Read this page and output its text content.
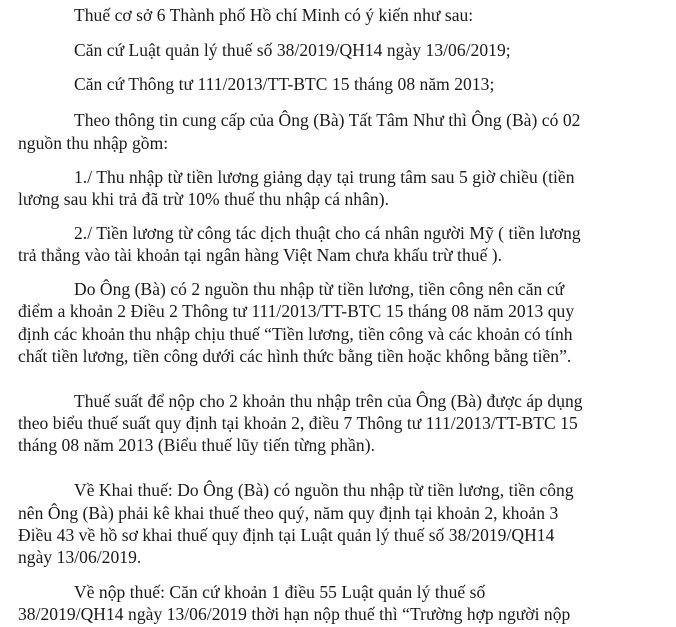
Thuế cơ sở 6 Thành phố Hồ chí Minh có ý kiến như sau:
Căn cứ Luật quản lý thuế số 38/2019/QH14 ngày 13/06/2019;
Căn cứ Thông tư 111/2013/TT-BTC 15 tháng 08 năm 2013;
Theo thông tin cung cấp của Ông (Bà) Tất Tâm Như thì Ông (Bà) có 02
nguồn thu nhập gồm:
1./ Thu nhập từ tiền lương giảng dạy tại trung tâm sau 5 giờ chiều (tiền
lương sau khi trả đã trừ 10% thuế thu nhập cá nhân).
2./ Tiền lương từ công tác dịch thuật cho cá nhân người Mỹ ( tiền lương
trả thẳng vào tài khoản tại ngân hàng Việt Nam chưa khấu trừ thuế ).
Do Ông (Bà) có 2 nguồn thu nhập từ tiền lương, tiền công nên căn cứ
điểm a khoản 2 Điều 2 Thông tư 111/2013/TT-BTC 15 tháng 08 năm 2013 quy
định các khoản thu nhập chịu thuế “Tiền lương, tiền công và các khoản có tính
chất tiền lương, tiền công dưới các hình thức bằng tiền hoặc không bằng tiền”.
Thuế suất để nộp cho 2 khoản thu nhập trên của Ông (Bà) được áp dụng
theo biểu thuế suất quy định tại khoản 2, điều 7 Thông tư 111/2013/TT-BTC 15
tháng 08 năm 2013 (Biểu thuế lũy tiến từng phần).
Về Khai thuế: Do Ông (Bà) có nguồn thu nhập từ tiền lương, tiền công
nên Ông (Bà) phải kê khai thuế theo quý, năm quy định tại khoản 2, khoản 3
Điều 43 về hồ sơ khai thuế quy định tại Luật quản lý thuế số 38/2019/QH14
ngày 13/06/2019.
Về nộp thuế: Căn cứ khoản 1 điều 55 Luật quản lý thuế số
38/2019/QH14 ngày 13/06/2019 thời hạn nộp thuế thì “Trường hợp người nộp
